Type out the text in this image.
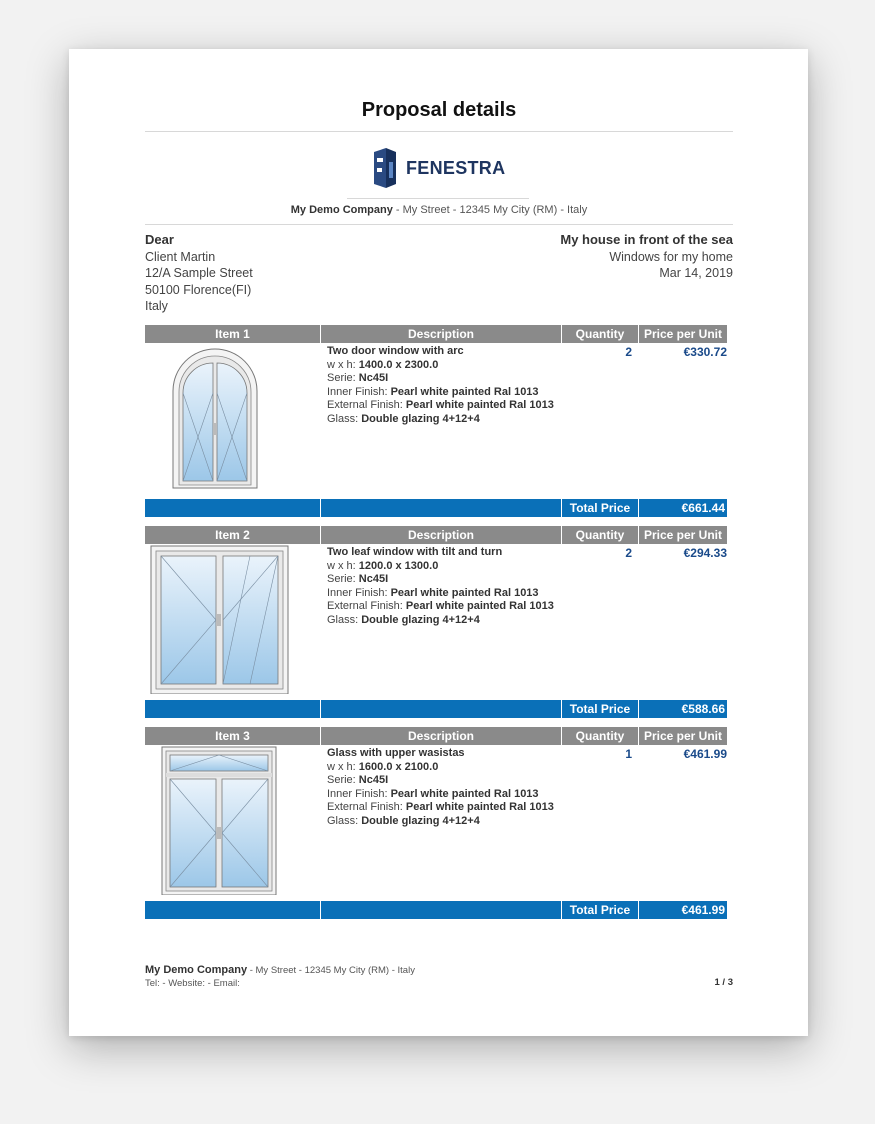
Proposal details
FENESTRA
My Demo Company - My Street - 12345 My City (RM) - Italy
Dear
Client Martin
12/A Sample Street
50100 Florence(FI)
Italy
My house in front of the sea
Windows for my home
Mar 14, 2019
Item 1	Description	Quantity	Price per Unit
Two door window with arc
w x h: 1400.0 x 2300.0
Serie: Nc45I
Inner Finish: Pearl white painted Ral 1013
External Finish: Pearl white painted Ral 1013
Glass: Double glazing 4+12+4
2	€330.72
Total Price	€661.44
Item 2	Description	Quantity	Price per Unit
Two leaf window with tilt and turn
w x h: 1200.0 x 1300.0
Serie: Nc45I
Inner Finish: Pearl white painted Ral 1013
External Finish: Pearl white painted Ral 1013
Glass: Double glazing 4+12+4
2	€294.33
Total Price	€588.66
Item 3	Description	Quantity	Price per Unit
Glass with upper wasistas
w x h: 1600.0 x 2100.0
Serie: Nc45I
Inner Finish: Pearl white painted Ral 1013
External Finish: Pearl white painted Ral 1013
Glass: Double glazing 4+12+4
1	€461.99
Total Price	€461.99
My Demo Company - My Street - 12345 My City (RM) - Italy
Tel: - Website: - Email:	1 / 3
